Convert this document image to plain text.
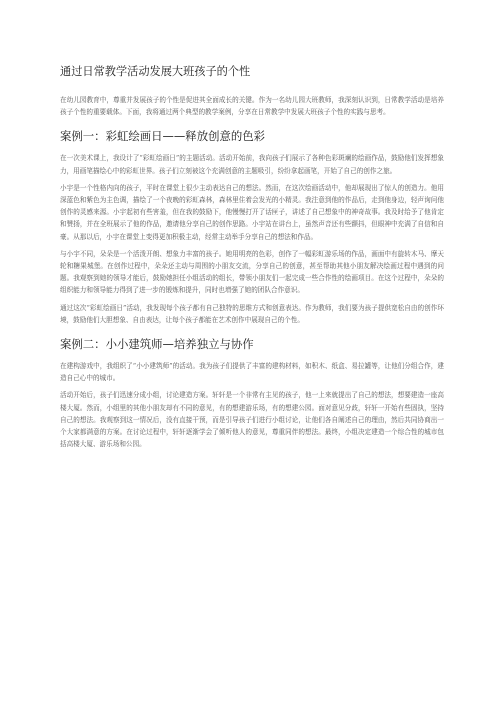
通过日常教学活动发展大班孩子的个性

在幼儿园教育中，尊重并发展孩子的个性是促进其全面成长的关键。作为一名幼儿园大班教师，我深刻认识到，日常教学活动是培养孩子个性的重要载体。下面，我将通过两个典型的教学案例，分享在日常教学中发展大班孩子个性的实践与思考。

案例一：彩虹绘画日——释放创意的色彩

在一次美术课上，我设计了“彩虹绘画日”的主题活动。活动开始前，我向孩子们展示了各种色彩斑斓的绘画作品，鼓励他们发挥想象力，用画笔描绘心中的彩虹世界。孩子们立刻被这个充满创意的主题吸引，纷纷拿起画笔，开始了自己的创作之旅。

小宇是一个性格内向的孩子，平时在课堂上很少主动表达自己的想法。然而，在这次绘画活动中，他却展现出了惊人的创造力。他用深蓝色和紫色为主色调，描绘了一个夜晚的彩虹森林，森林里住着会发光的小精灵。我注意到他的作品后，走到他身边，轻声询问他创作的灵感来源。小宇起初有些害羞，但在我的鼓励下，他慢慢打开了话匣子，讲述了自己想象中的神奇故事。我及时给予了他肯定和赞扬，并在全班展示了他的作品，邀请他分享自己的创作思路。小宇站在讲台上，虽然声音还有些颤抖，但眼神中充满了自信和自豪。从那以后，小宇在课堂上变得更加积极主动，经常主动举手分享自己的想法和作品。

与小宇不同，朵朵是一个活泼开朗、想象力丰富的孩子。她用明亮的色彩，创作了一幅彩虹游乐场的作品，画面中有旋转木马、摩天轮和糖果城堡。在创作过程中，朵朵还主动与周围的小朋友交流，分享自己的创意，甚至帮助其他小朋友解决绘画过程中遇到的问题。我观察到她的领导才能后，鼓励她担任小组活动的组长，带领小朋友们一起完成一些合作性的绘画项目。在这个过程中，朵朵的组织能力和领导能力得到了进一步的锻炼和提升，同时也增强了她的团队合作意识。

通过这次“彩虹绘画日”活动，我发现每个孩子都有自己独特的思维方式和创意表达。作为教师，我们要为孩子提供宽松自由的创作环境，鼓励他们大胆想象、自由表达，让每个孩子都能在艺术创作中展现自己的个性。

案例二：小小建筑师—培养独立与协作

在建构游戏中，我组织了“小小建筑师”的活动。我为孩子们提供了丰富的建构材料，如积木、纸盒、易拉罐等，让他们分组合作，建造自己心中的城市。

活动开始后，孩子们迅速分成小组，讨论建造方案。轩轩是一个非常有主见的孩子，他一上来就提出了自己的想法，想要建造一座高楼大厦。然而，小组里的其他小朋友却有不同的意见，有的想建游乐场，有的想建公园。面对意见分歧，轩轩一开始有些固执，坚持自己的想法。我观察到这一情况后，没有直接干预，而是引导孩子们进行小组讨论，让他们各自阐述自己的理由，然后共同协商出一个大家都满意的方案。在讨论过程中，轩轩逐渐学会了倾听他人的意见，尊重同伴的想法。最终，小组决定建造一个综合性的城市包括高楼大厦、游乐场和公园。
